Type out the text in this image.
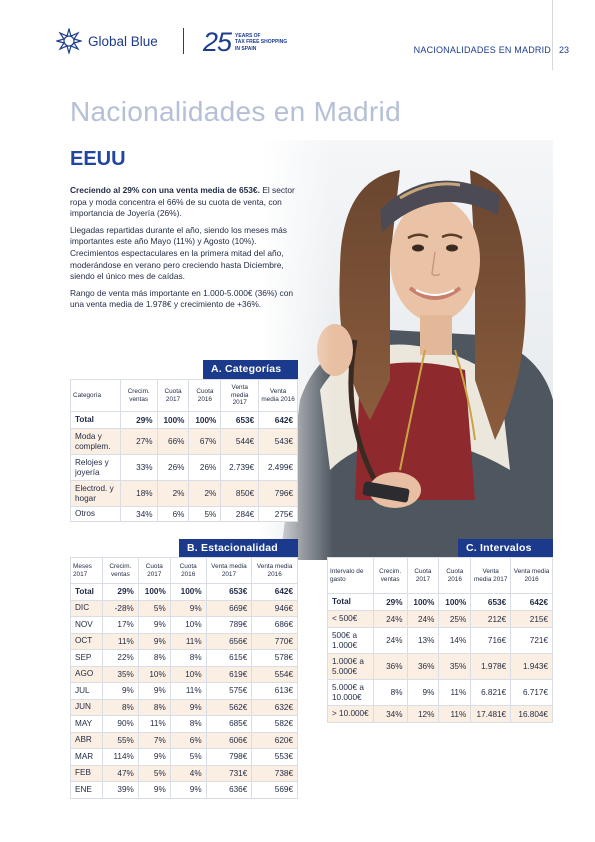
Global Blue 25 YEARS OF
TAX FREE SHOPPING
IN SPAIN	NACIONALIDADES EN MADRID 23
Nacionalidades en Madrid
EEUU

Creciendo al 29% con una venta media de 653€. El sector ropa y moda concentra el 66% de su cuota de venta, con importancia de Joyería (26%).

Llegadas repartidas durante el año, siendo los meses más importantes este año Mayo (11%) y Agosto (10%). Crecimientos espectaculares en la primera mitad del año, moderándose en verano pero creciendo hasta Diciembre, siendo el único mes de caídas.

Rango de venta más importante en 1.000-5.000€ (36%) con una venta media de 1.978€ y crecimiento de +36%.

A. Categorías
Categoría	Crecim. ventas	Cuota 2017	Cuota 2016	Venta media 2017	Venta media 2016
Total	29%	100%	100%	653€	642€
Moda y complem.	27%	66%	67%	544€	543€
Relojes y joyería	33%	26%	26%	2.739€	2.499€
Electrod. y hogar	18%	2%	2%	850€	796€
Otros	34%	6%	5%	284€	275€
B. Estacionalidad
Meses 2017	Crecim. ventas	Cuota 2017	Cuota 2016	Venta media 2017	Venta media 2016
Total	29%	100%	100%	653€	642€
DIC	-28%	5%	9%	669€	946€
NOV	17%	9%	10%	789€	686€
OCT	11%	9%	11%	656€	770€
SEP	22%	8%	8%	615€	578€
AGO	35%	10%	10%	619€	554€
JUL	9%	9%	11%	575€	613€
JUN	8%	8%	9%	562€	632€
MAY	90%	11%	8%	685€	582€
ABR	55%	7%	6%	606€	620€
MAR	114%	9%	5%	798€	553€
FEB	47%	5%	4%	731€	738€
ENE	39%	9%	9%	636€	569€
C. Intervalos
Intervalo de gasto	Crecim. ventas	Cuota 2017	Cuota 2016	Venta media 2017	Venta media 2016
Total	29%	100%	100%	653€	642€
< 500€	24%	24%	25%	212€	215€
500€ a 1.000€	24%	13%	14%	716€	721€
1.000€ a 5.000€	36%	36%	35%	1.978€	1.943€
5.000€ a 10.000€	8%	9%	11%	6.821€	6.717€
> 10.000€	34%	12%	11%	17.481€	16.804€
